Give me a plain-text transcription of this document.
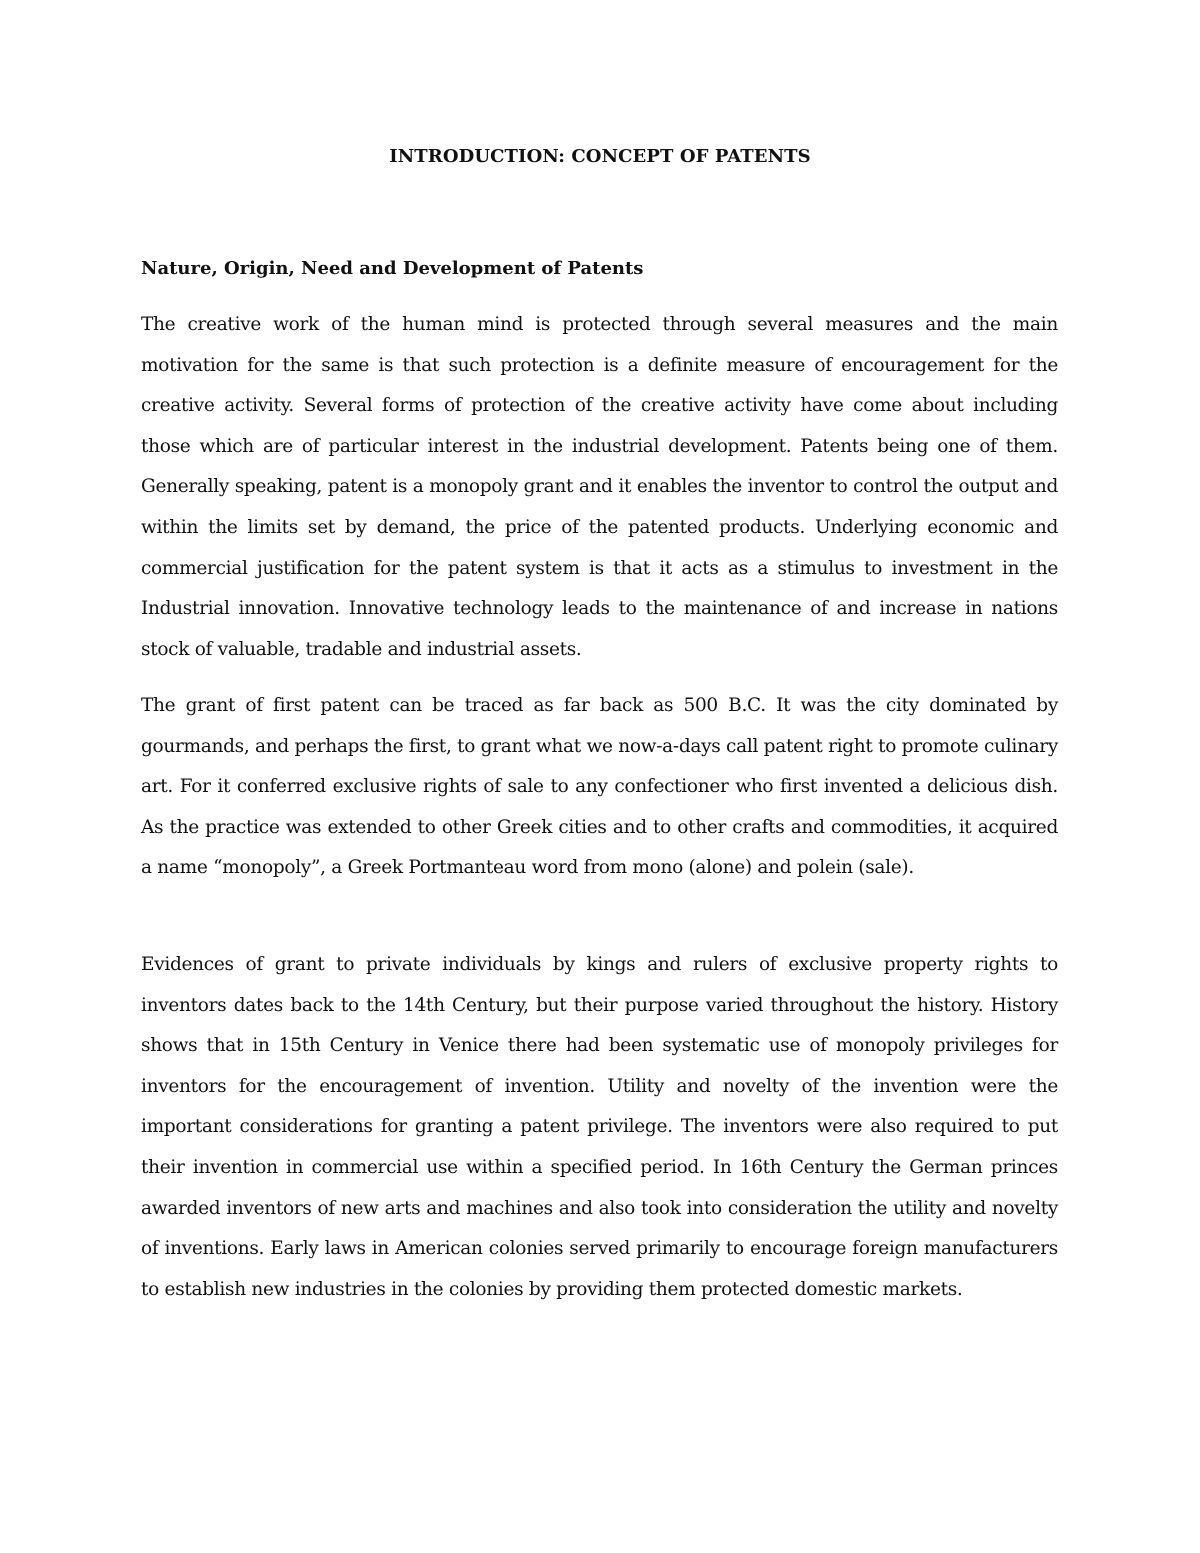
INTRODUCTION: CONCEPT OF PATENTS
Nature, Origin, Need and Development of Patents

The creative work of the human mind is protected through several measures and the main motivation for the same is that such protection is a definite measure of encouragement for the creative activity. Several forms of protection of the creative activity have come about including those which are of particular interest in the industrial development. Patents being one of them. Generally speaking, patent is a monopoly grant and it enables the inventor to control the output and within the limits set by demand, the price of the patented products. Underlying economic and commercial justification for the patent system is that it acts as a stimulus to investment in the Industrial innovation. Innovative technology leads to the maintenance of and increase in nations stock of valuable, tradable and industrial assets.

The grant of first patent can be traced as far back as 500 B.C. It was the city dominated by gourmands, and perhaps the first, to grant what we now-a-days call patent right to promote culinary art. For it conferred exclusive rights of sale to any confectioner who first invented a delicious dish. As the practice was extended to other Greek cities and to other crafts and commodities, it acquired a name “monopoly”, a Greek Portmanteau word from mono (alone) and polein (sale).

Evidences of grant to private individuals by kings and rulers of exclusive property rights to inventors dates back to the 14th Century, but their purpose varied throughout the history. History shows that in 15th Century in Venice there had been systematic use of monopoly privileges for inventors for the encouragement of invention. Utility and novelty of the invention were the important considerations for granting a patent privilege. The inventors were also required to put their invention in commercial use within a specified period. In 16th Century the German princes awarded inventors of new arts and machines and also took into consideration the utility and novelty of inventions. Early laws in American colonies served primarily to encourage foreign manufacturers to establish new industries in the colonies by providing them protected domestic markets.
